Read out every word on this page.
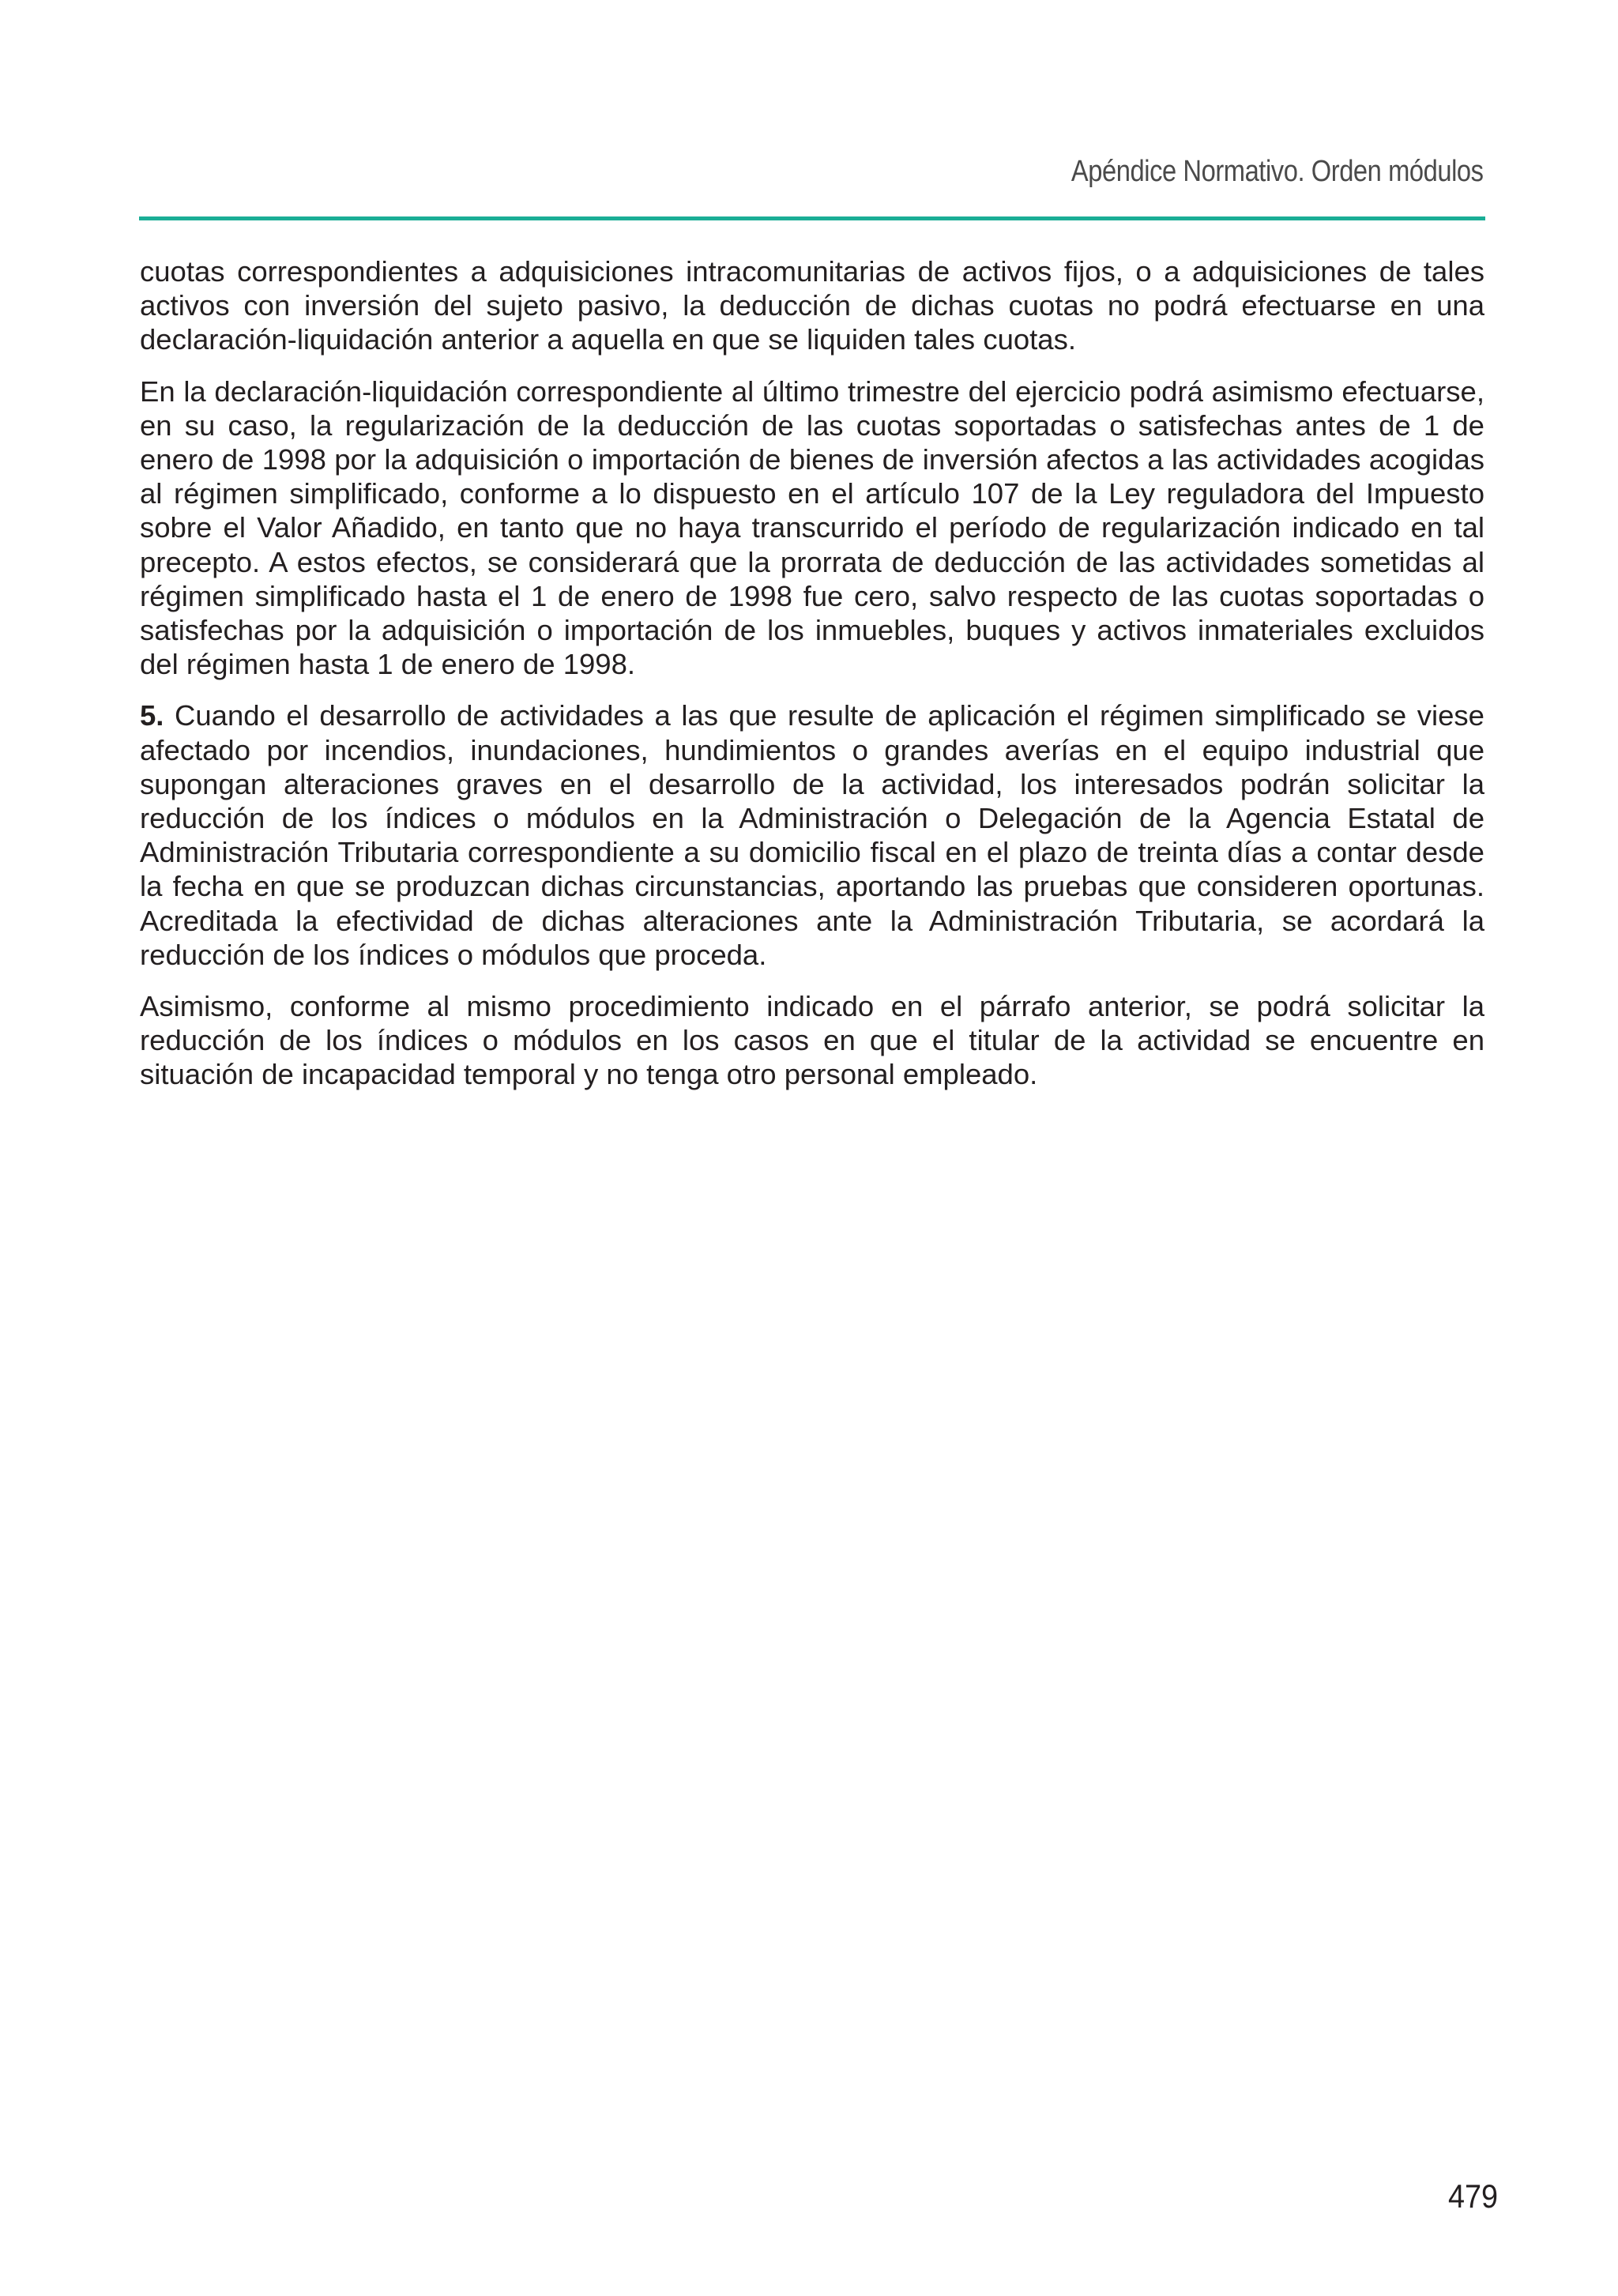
Apéndice Normativo. Orden módulos

cuotas correspondientes a adquisiciones intracomunitarias de activos fijos, o a adquisiciones de tales activos con inversión del sujeto pasivo, la deducción de dichas cuotas no podrá efectuarse en una declaración-liquidación anterior a aquella en que se liquiden tales cuotas.

En la declaración-liquidación correspondiente al último trimestre del ejercicio podrá asimismo efectuarse, en su caso, la regularización de la deducción de las cuotas soportadas o satisfechas antes de 1 de enero de 1998 por la adquisición o importación de bienes de inversión afectos a las actividades acogidas al régimen simplificado, conforme a lo dispuesto en el artículo 107 de la Ley reguladora del Impuesto sobre el Valor Añadido, en tanto que no haya transcurrido el período de regularización indicado en tal precepto. A estos efectos, se considerará que la prorrata de deducción de las actividades sometidas al régimen simplificado hasta el 1 de enero de 1998 fue cero, salvo respecto de las cuotas soportadas o satisfechas por la adquisición o importación de los inmuebles, buques y activos inmateriales excluidos del régimen hasta 1 de enero de 1998.

5. Cuando el desarrollo de actividades a las que resulte de aplicación el régimen simplificado se viese afectado por incendios, inundaciones, hundimientos o grandes averías en el equipo industrial que supongan alteraciones graves en el desarrollo de la actividad, los interesados podrán solicitar la reducción de los índices o módulos en la Administración o Delegación de la Agencia Estatal de Administración Tributaria correspondiente a su domicilio fiscal en el plazo de treinta días a contar desde la fecha en que se produzcan dichas circunstancias, aportando las pruebas que consideren oportunas. Acreditada la efectividad de dichas alteraciones ante la Administración Tributaria, se acordará la reducción de los índices o módulos que proceda.

Asimismo, conforme al mismo procedimiento indicado en el párrafo anterior, se podrá solicitar la reducción de los índices o módulos en los casos en que el titular de la actividad se encuentre en situación de incapacidad temporal y no tenga otro personal empleado.

479
